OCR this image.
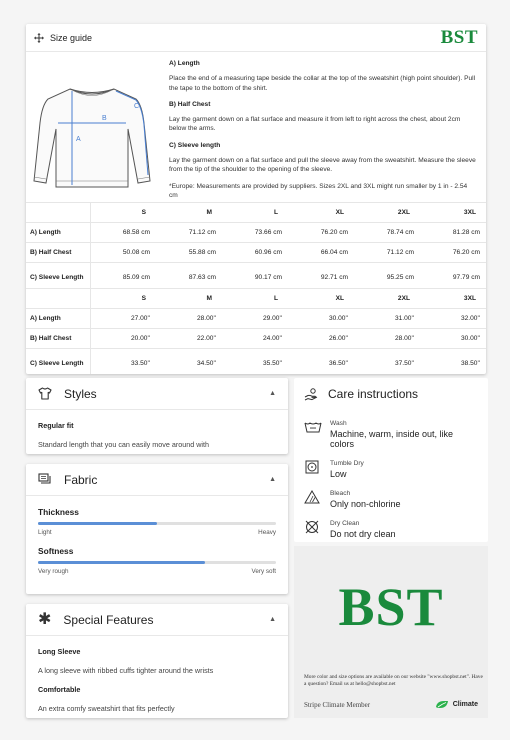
Size guide	BST
A
B
C
A) Length

Place the end of a measuring tape beside the collar at the top of the sweatshirt (high point shoulder). Pull the tape to the bottom of the shirt.

B) Half Chest

Lay the garment down on a flat surface and measure it from left to right across the chest, about 2cm below the arms.

C) Sleeve length

Lay the garment down on a flat surface and pull the sleeve away from the sweatshirt. Measure the sleeve from the tip of the shoulder to the opening of the sleeve.

*Europe: Measurements are provided by suppliers. Sizes 2XL and 3XL might run smaller by 1 in - 2.54 cm

	S	M	L	XL	2XL	3XL
A) Length	68.58 cm	71.12 cm	73.66 cm	76.20 cm	78.74 cm	81.28 cm
B) Half Chest	50.08 cm	55.88 cm	60.96 cm	66.04 cm	71.12 cm	76.20 cm
C) Sleeve Length	85.09 cm	87.63 cm	90.17 cm	92.71 cm	95.25 cm	97.79 cm
	S	M	L	XL	2XL	3XL
A) Length	27.00''	28.00''	29.00''	30.00''	31.00''	32.00''
B) Half Chest	20.00''	22.00''	24.00''	26.00''	28.00''	30.00''
C) Sleeve Length	33.50''	34.50''	35.50''	36.50''	37.50''	38.50''
Styles	▲
Regular fit
Standard length that you can easily move around with
Fabric	▲
Thickness
Light	Heavy
Softness
Very rough	Very soft
✱ Special Features	▲
Long Sleeve
A long sleeve with ribbed cuffs tighter around the wrists
Comfortable
An extra comfy sweatshirt that fits perfectly
Care instructions
Wash
Machine, warm, inside out, like colors
Tumble Dry
Low
Bleach
Only non-chlorine
Dry Clean
Do not dry clean
BST
More color and size options are available on our website "www.shopbst.net". Have a question? Email us at hello@shopbst.net
Stripe Climate Member	Climate
